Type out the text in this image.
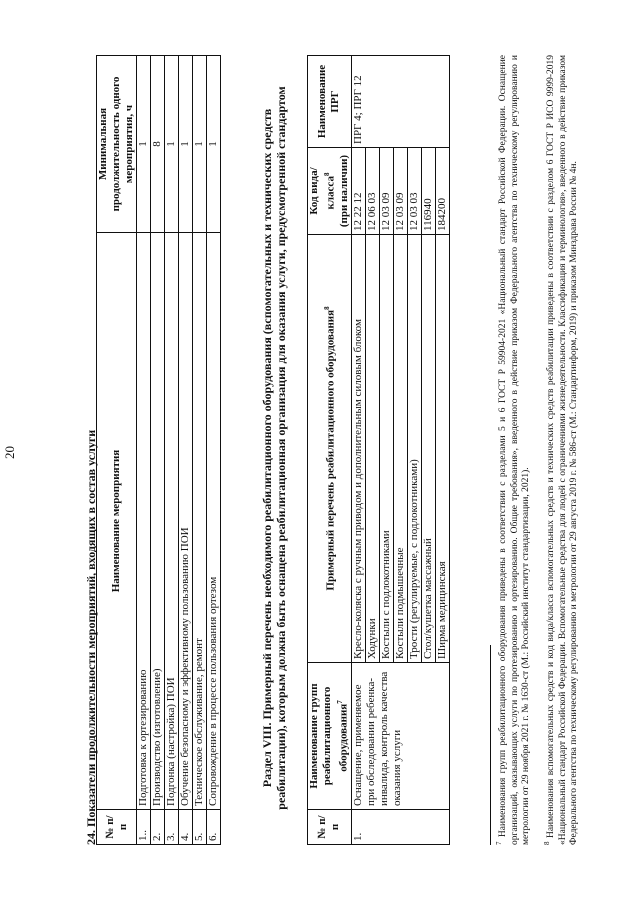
20	24. Показатели продолжительности мероприятий, входящих в состав услуги № п/п	Наименование мероприятия	Минимальная продолжительность одного мероприятия, ч
1..	Подготовка к ортезированию	1
2.	Производство (изготовление)	8
3.	Подгонка (настройка) ПОИ	1
4.	Обучение безопасному и эффективному пользованию ПОИ	1
5.	Техническое обслуживание, ремонт	1
6.	Сопровождение в процессе пользования ортезом	1	Раздел VIII. Примерный перечень необходимого реабилитационного оборудования (вспомогательных и технических средств реабилитации), которым должна быть оснащена реабилитационная организация для оказания услуги, предусмотренной стандартом
№ п/п	Наименование групп реабилитационного оборудования$^7$	Примерный перечень реабилитационного оборудования$^8$	Код вида/класса$^8$ (при наличии)	Наименование ПРГ
1.	Оснащение, применяемое при обследовании ребенка-инвалида, контроль качества оказания услуги	Кресло-коляска с ручным приводом и дополнительным силовым блоком	12 22 12	ПРГ 4; ПРГ 12
		Ходунки	12 06 03	
		Костыли с подлокотниками	12 03 09	
		Костыли подмышечные	12 03 09	
		Трости (регулируемые, с подлокотниками)	12 03 03	
		Стол/кушетка массажный	116940	
		Ширма медицинская	184200	

$^7$ Наименования групп реабилитационного оборудования приведены в соответствии с разделами 5 и 6 ГОСТ Р 59904-2021 «Национальный стандарт Российской Федерации. Оснащение организаций, оказывающих услуги по протезированию и ортезированию. Общие требования», введенного в действие приказом Федерального агентства по техническому регулированию и метрологии от 29 ноября 2021 г. № 1630-ст (М.: Российский институт стандартизации, 2021). $^8$ Наименования вспомогательных средств и код вида/класса вспомогательных средств и технических средств реабилитации приведены в соответствии с разделом 6 ГОСТ Р ИСО 9999-2019 «Национальный стандарт Российской Федерации. Вспомогательные средства для людей с ограничениями жизнедеятельности. Классификация и терминология», введенного в действие приказом Федерального агентства по техническому регулированию и метрологии от 29 августа 2019 г. № 586-ст (М.: Стандартинформ, 2019) и приказом Минздрава России № 4н.
